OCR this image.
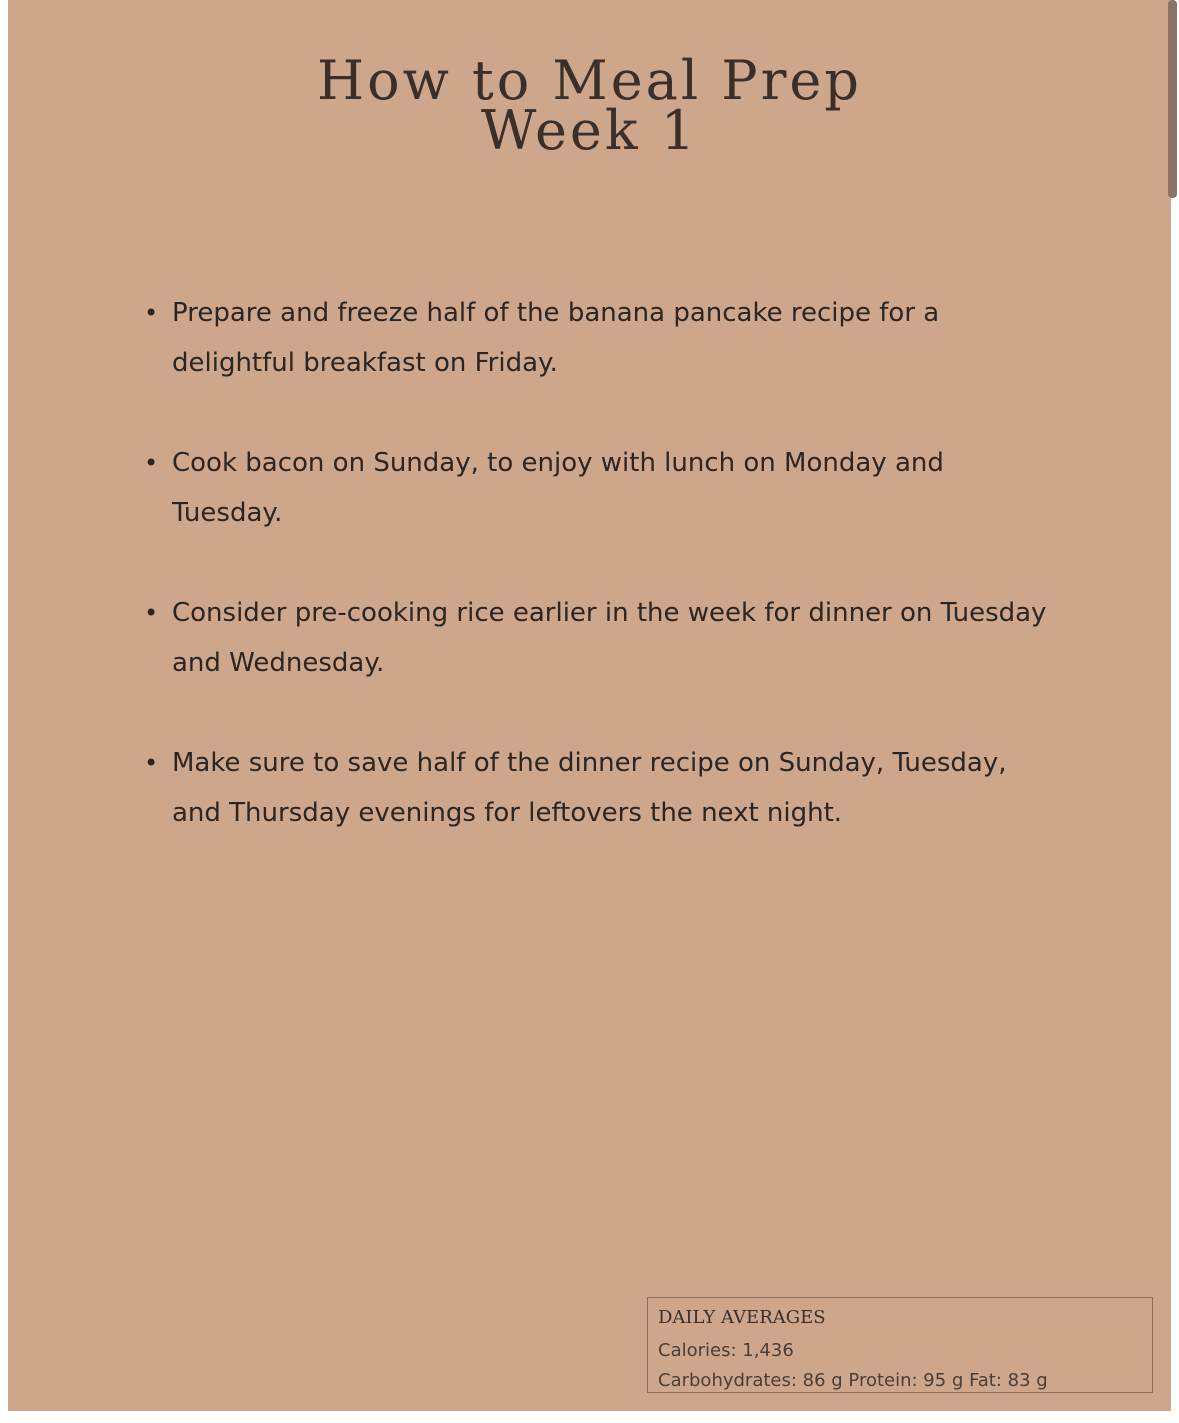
How to Meal Prep
Week 1
• Prepare and freeze half of the banana pancake recipe for a delightful breakfast on Friday.
• Cook bacon on Sunday, to enjoy with lunch on Monday and Tuesday.
• Consider pre-cooking rice earlier in the week for dinner on Tuesday and Wednesday.
• Make sure to save half of the dinner recipe on Sunday, Tuesday, and Thursday evenings for leftovers the next night.
DAILY AVERAGES
Calories: 1,436
Carbohydrates: 86 g Protein: 95 g Fat: 83 g
